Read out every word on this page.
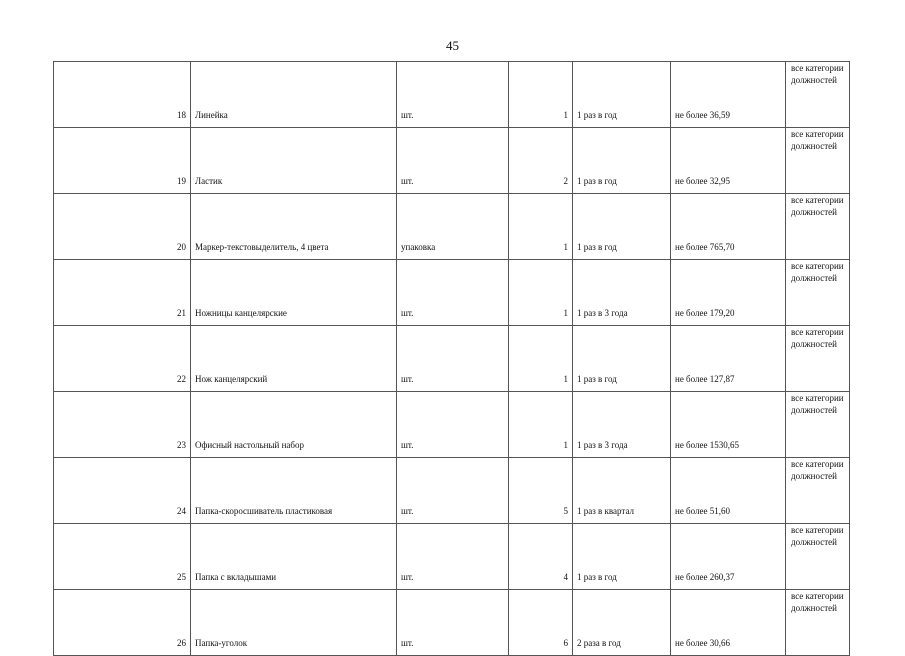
45
18	Линейка	шт.	1	1 раз в год	не более 36,59	все категории должностей
19	Ластик	шт.	2	1 раз в год	не более 32,95	все категории должностей
20	Маркер-текстовыделитель, 4 цвета	упаковка	1	1 раз в год	не более 765,70	все категории должностей
21	Ножницы канцелярские	шт.	1	1 раз в 3 года	не более 179,20	все категории должностей
22	Нож канцелярский	шт.	1	1 раз в год	не более 127,87	все категории должностей
23	Офисный настольный набор	шт.	1	1 раз в 3 года	не более 1530,65	все категории должностей
24	Папка-скоросшиватель пластиковая	шт.	5	1 раз в квартал	не более 51,60	все категории должностей
25	Папка с вкладышами	шт.	4	1 раз в год	не более 260,37	все категории должностей
26	Папка-уголок	шт.	6	2 раза в год	не более 30,66	все категории должностей
